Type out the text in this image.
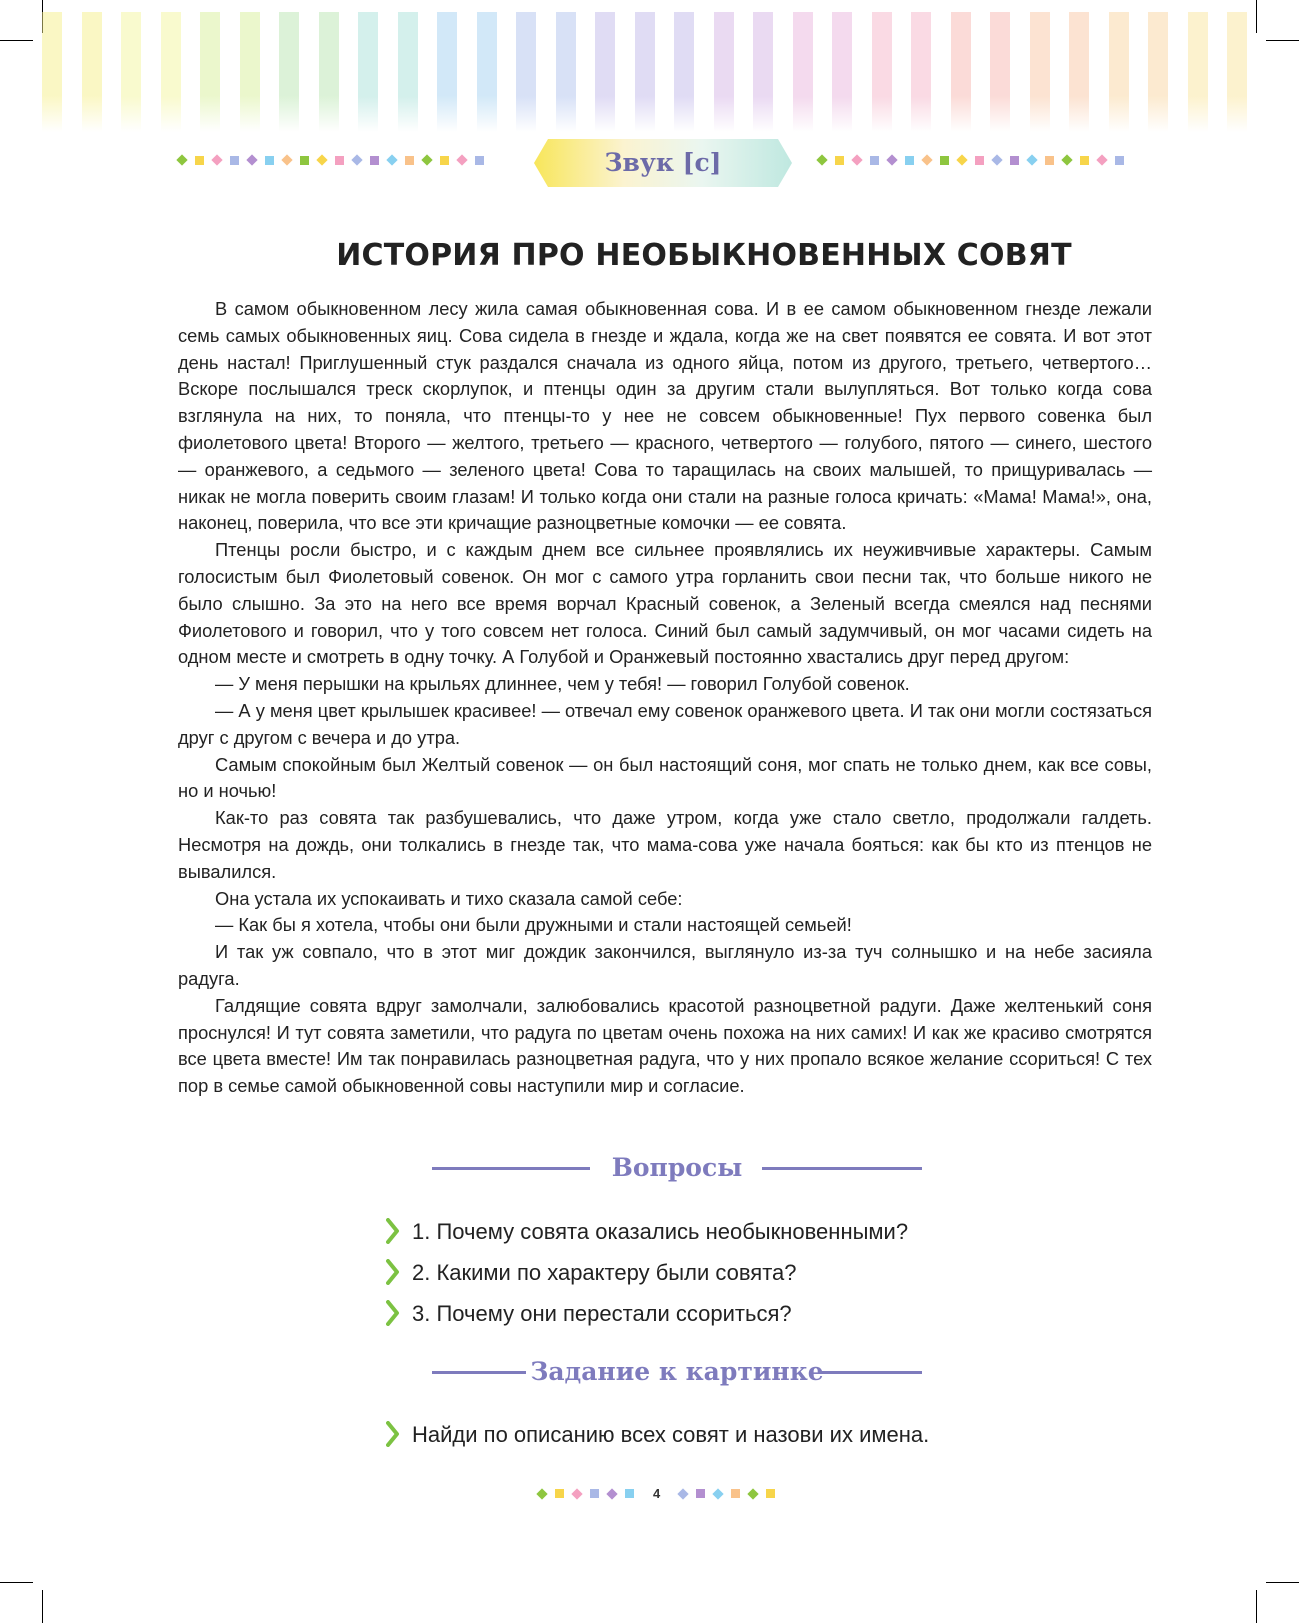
Звук [с]
ИСТОРИЯ ПРО НЕОБЫКНОВЕННЫХ СОВЯТ

В самом обыкновенном лесу жила самая обыкновенная сова. И в ее самом обыкновенном гнезде лежали семь самых обыкновенных яиц. Сова сидела в гнезде и ждала, когда же на свет появятся ее совята. И вот этот день настал! Приглушенный стук раздался сначала из одного яйца, потом из другого, третьего, четвертого… Вскоре послышался треск скорлупок, и птенцы один за другим стали вылупляться. Вот только когда сова взглянула на них, то поняла, что птенцы-то у нее не совсем обыкновенные! Пух первого совенка был фиолетового цвета! Второго — желтого, третьего — красного, четвертого — голубого, пятого — синего, шестого — оранжевого, а седьмого — зеленого цвета! Сова то таращилась на своих малышей, то прищуривалась — никак не могла поверить своим глазам! И только когда они стали на разные голоса кричать: «Мама! Мама!», она, наконец, поверила, что все эти кричащие разноцветные комочки — ее совята.

Птенцы росли быстро, и с каждым днем все сильнее проявлялись их неуживчивые характеры. Самым голосистым был Фиолетовый совенок. Он мог с самого утра горланить свои песни так, что больше никого не было слышно. За это на него все время ворчал Красный совенок, а Зеленый всегда смеялся над песнями Фиолетового и говорил, что у того совсем нет голоса. Синий был самый задумчивый, он мог часами сидеть на одном месте и смотреть в одну точку. А Голубой и Оранжевый постоянно хвастались друг перед другом:

— У меня перышки на крыльях длиннее, чем у тебя! — говорил Голубой совенок.

— А у меня цвет крылышек красивее! — отвечал ему совенок оранжевого цвета. И так они могли состязаться друг с другом с вечера и до утра.

Самым спокойным был Желтый совенок — он был настоящий соня, мог спать не только днем, как все совы, но и ночью!

Как-то раз совята так разбушевались, что даже утром, когда уже стало светло, продолжали галдеть. Несмотря на дождь, они толкались в гнезде так, что мама-сова уже начала бояться: как бы кто из птенцов не вывалился.

Она устала их успокаивать и тихо сказала самой себе:

— Как бы я хотела, чтобы они были дружными и стали настоящей семьей!

И так уж совпало, что в этот миг дождик закончился, выглянуло из-за туч солнышко и на небе засияла радуга.

Галдящие совята вдруг замолчали, залюбовались красотой разноцветной радуги. Даже желтенький соня проснулся! И тут совята заметили, что радуга по цветам очень похожа на них самих! И как же красиво смотрятся все цвета вместе! Им так понравилась разноцветная радуга, что у них пропало всякое желание ссориться! С тех пор в семье самой обыкновенной совы наступили мир и согласие.

Вопросы
1. Почему совята оказались необыкновенными?
2. Какими по характеру были совята?
3. Почему они перестали ссориться?
Задание к картинке
Найди по описанию всех совят и назови их имена.
4
